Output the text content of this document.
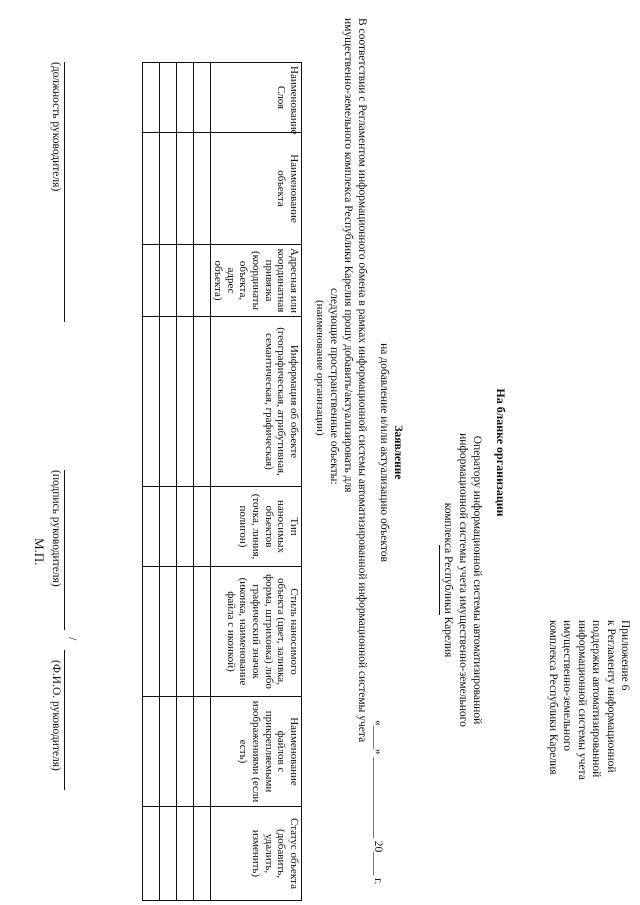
Приложение 6
к Регламенту информационной
поддержки автоматизированной
информационной системы учета
имущественно-земельного
комплекса Республики Карелия
На бланке организации
Оператору информационной системы автоматизированной
информационной системы учета имущественно-земельного
комплекса Республики Карелия
Заявление
на добавление и/или актуализацию объектов
«____» ______________ 20____ г.
В соответствии с Регламентом информационного обмена в рамках информационной системы автоматизированной информационной системы учета
имущественно-земельного комплекса Республики Карелия прошу добавить/актуализировать для
следующие пространственные объекты:
(наименование организации)
Наименование Слоя	Наименование объекта	Адресная или координатная привязка (координаты объекта, адрес объекта)	Информация об объекте (географическая, атрибутивная, семантическая, графическая)	Тип наносимых объектов (точка, линия, полигон)	Стиль наносимого объекта (цвет, заливка, форма, штриховка) либо графический значок (иконка, наименование файла с иконкой)	Наименование файлов с прикрепляемыми изображениями (если есть)	Статус объекта (добавить, удалить, изменить)

(должность руководителя)
(подпись руководителя)
/
(Ф.И.О. руководителя)
М.П.
